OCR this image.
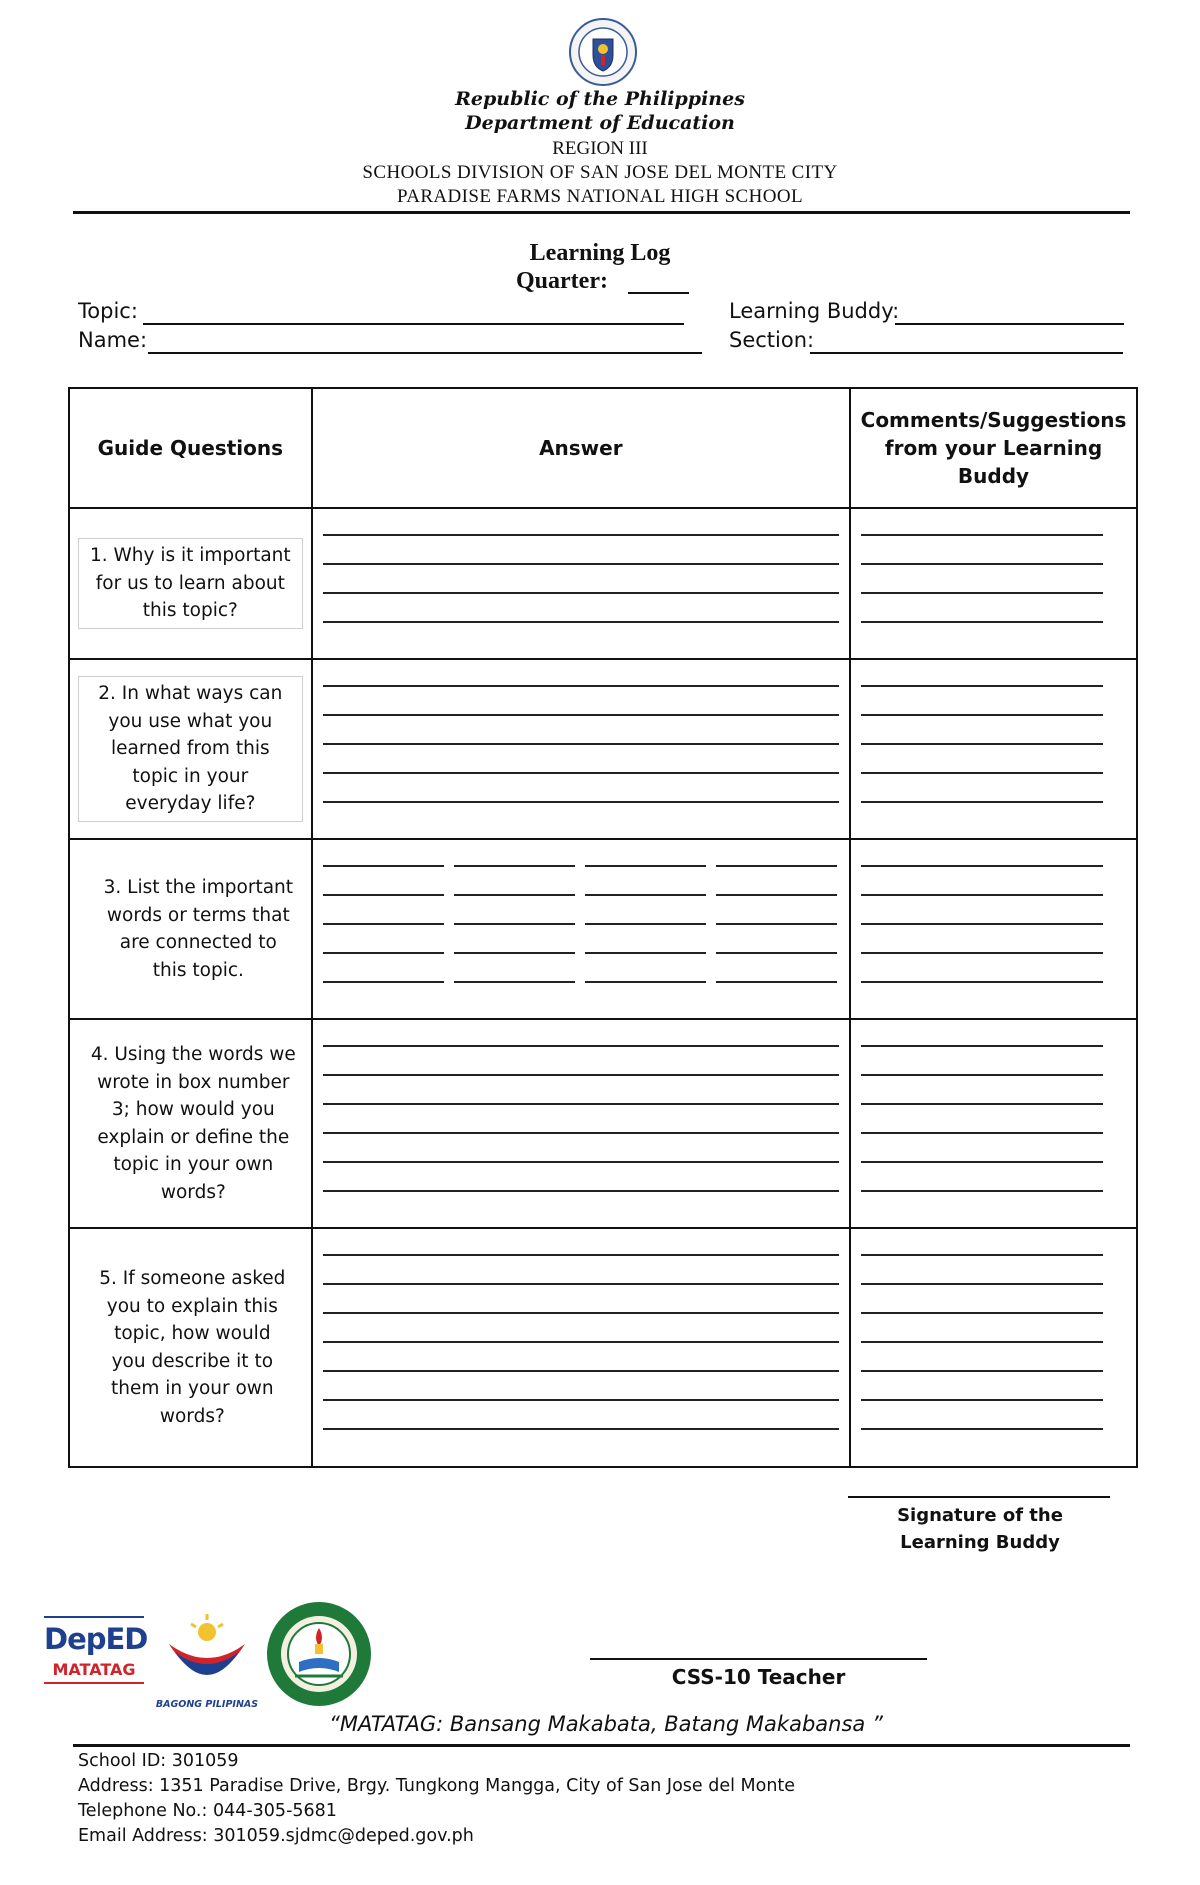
Republic of the Philippines
Department of Education
REGION III
SCHOOLS DIVISION OF SAN JOSE DEL MONTE CITY
PARADISE FARMS NATIONAL HIGH SCHOOL
Learning Log
Quarter:
Topic:
Name:
Learning Buddy:
Section:
Guide Questions	Answer	Comments/Suggestions from your Learning Buddy

1. Why is it important for us to learn about this topic?		

2. In what ways can you use what you learned from this topic in your everyday life?		

3. List the important words or terms that are connected to this topic.		

4. Using the words we wrote in box number 3; how would you explain or define the topic in your own words?		

5. If someone asked you to explain this topic, how would you describe it to them in your own words?		

Signature of the Learning Buddy
CSS-10 Teacher
DepED
MATATAG
BAGONG PILIPINAS
“MATATAG: Bansang Makabata, Batang Makabansa ”
School ID: 301059
Address: 1351 Paradise Drive, Brgy. Tungkong Mangga, City of San Jose del Monte
Telephone No.: 044-305-5681
Email Address: 301059.sjdmc@deped.gov.ph
